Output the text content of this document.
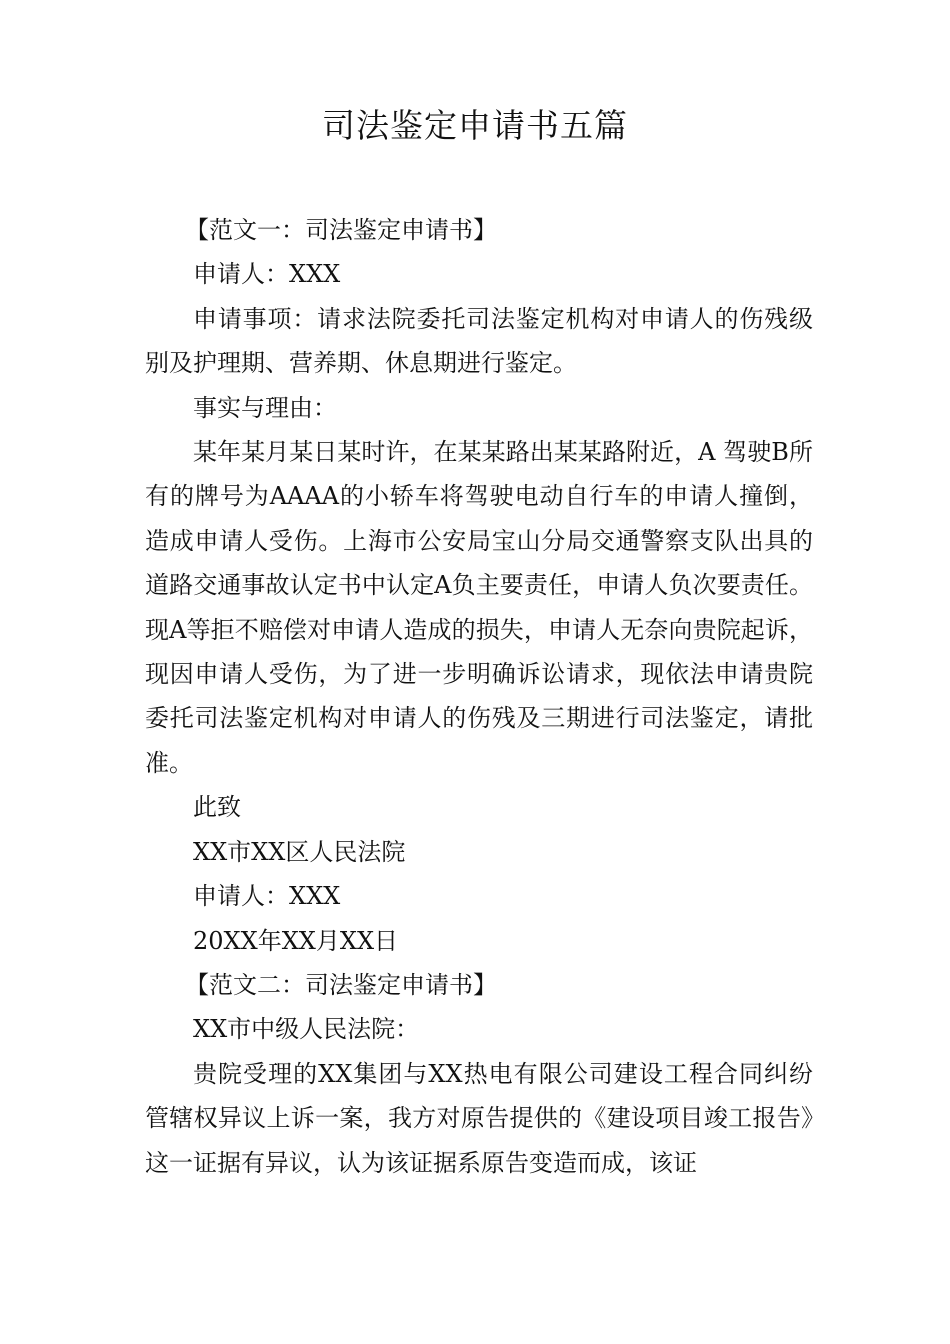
司法鉴定申请书五篇

【范文一：司法鉴定申请书】

申请人：XXX

申请事项：请求法院委托司法鉴定机构对申请人的伤残级别及护理期、营养期、休息期进行鉴定。

事实与理由：

某年某月某日某时许，在某某路出某某路附近，A 驾驶B所有的牌号为AAAA的小轿车将驾驶电动自行车的申请人撞倒，造成申请人受伤。上海市公安局宝山分局交通警察支队出具的道路交通事故认定书中认定A负主要责任，申请人负次要责任。现A等拒不赔偿对申请人造成的损失，申请人无奈向贵院起诉，现因申请人受伤，为了进一步明确诉讼请求，现依法申请贵院委托司法鉴定机构对申请人的伤残及三期进行司法鉴定，请批准。

此致

XX市XX区人民法院

申请人：XXX

20XX年XX月XX日

【范文二：司法鉴定申请书】

XX市中级人民法院：

贵院受理的XX集团与XX热电有限公司建设工程合同纠纷管辖权异议上诉一案，我方对原告提供的《建设项目竣工报告》这一证据有异议，认为该证据系原告变造而成，该证
